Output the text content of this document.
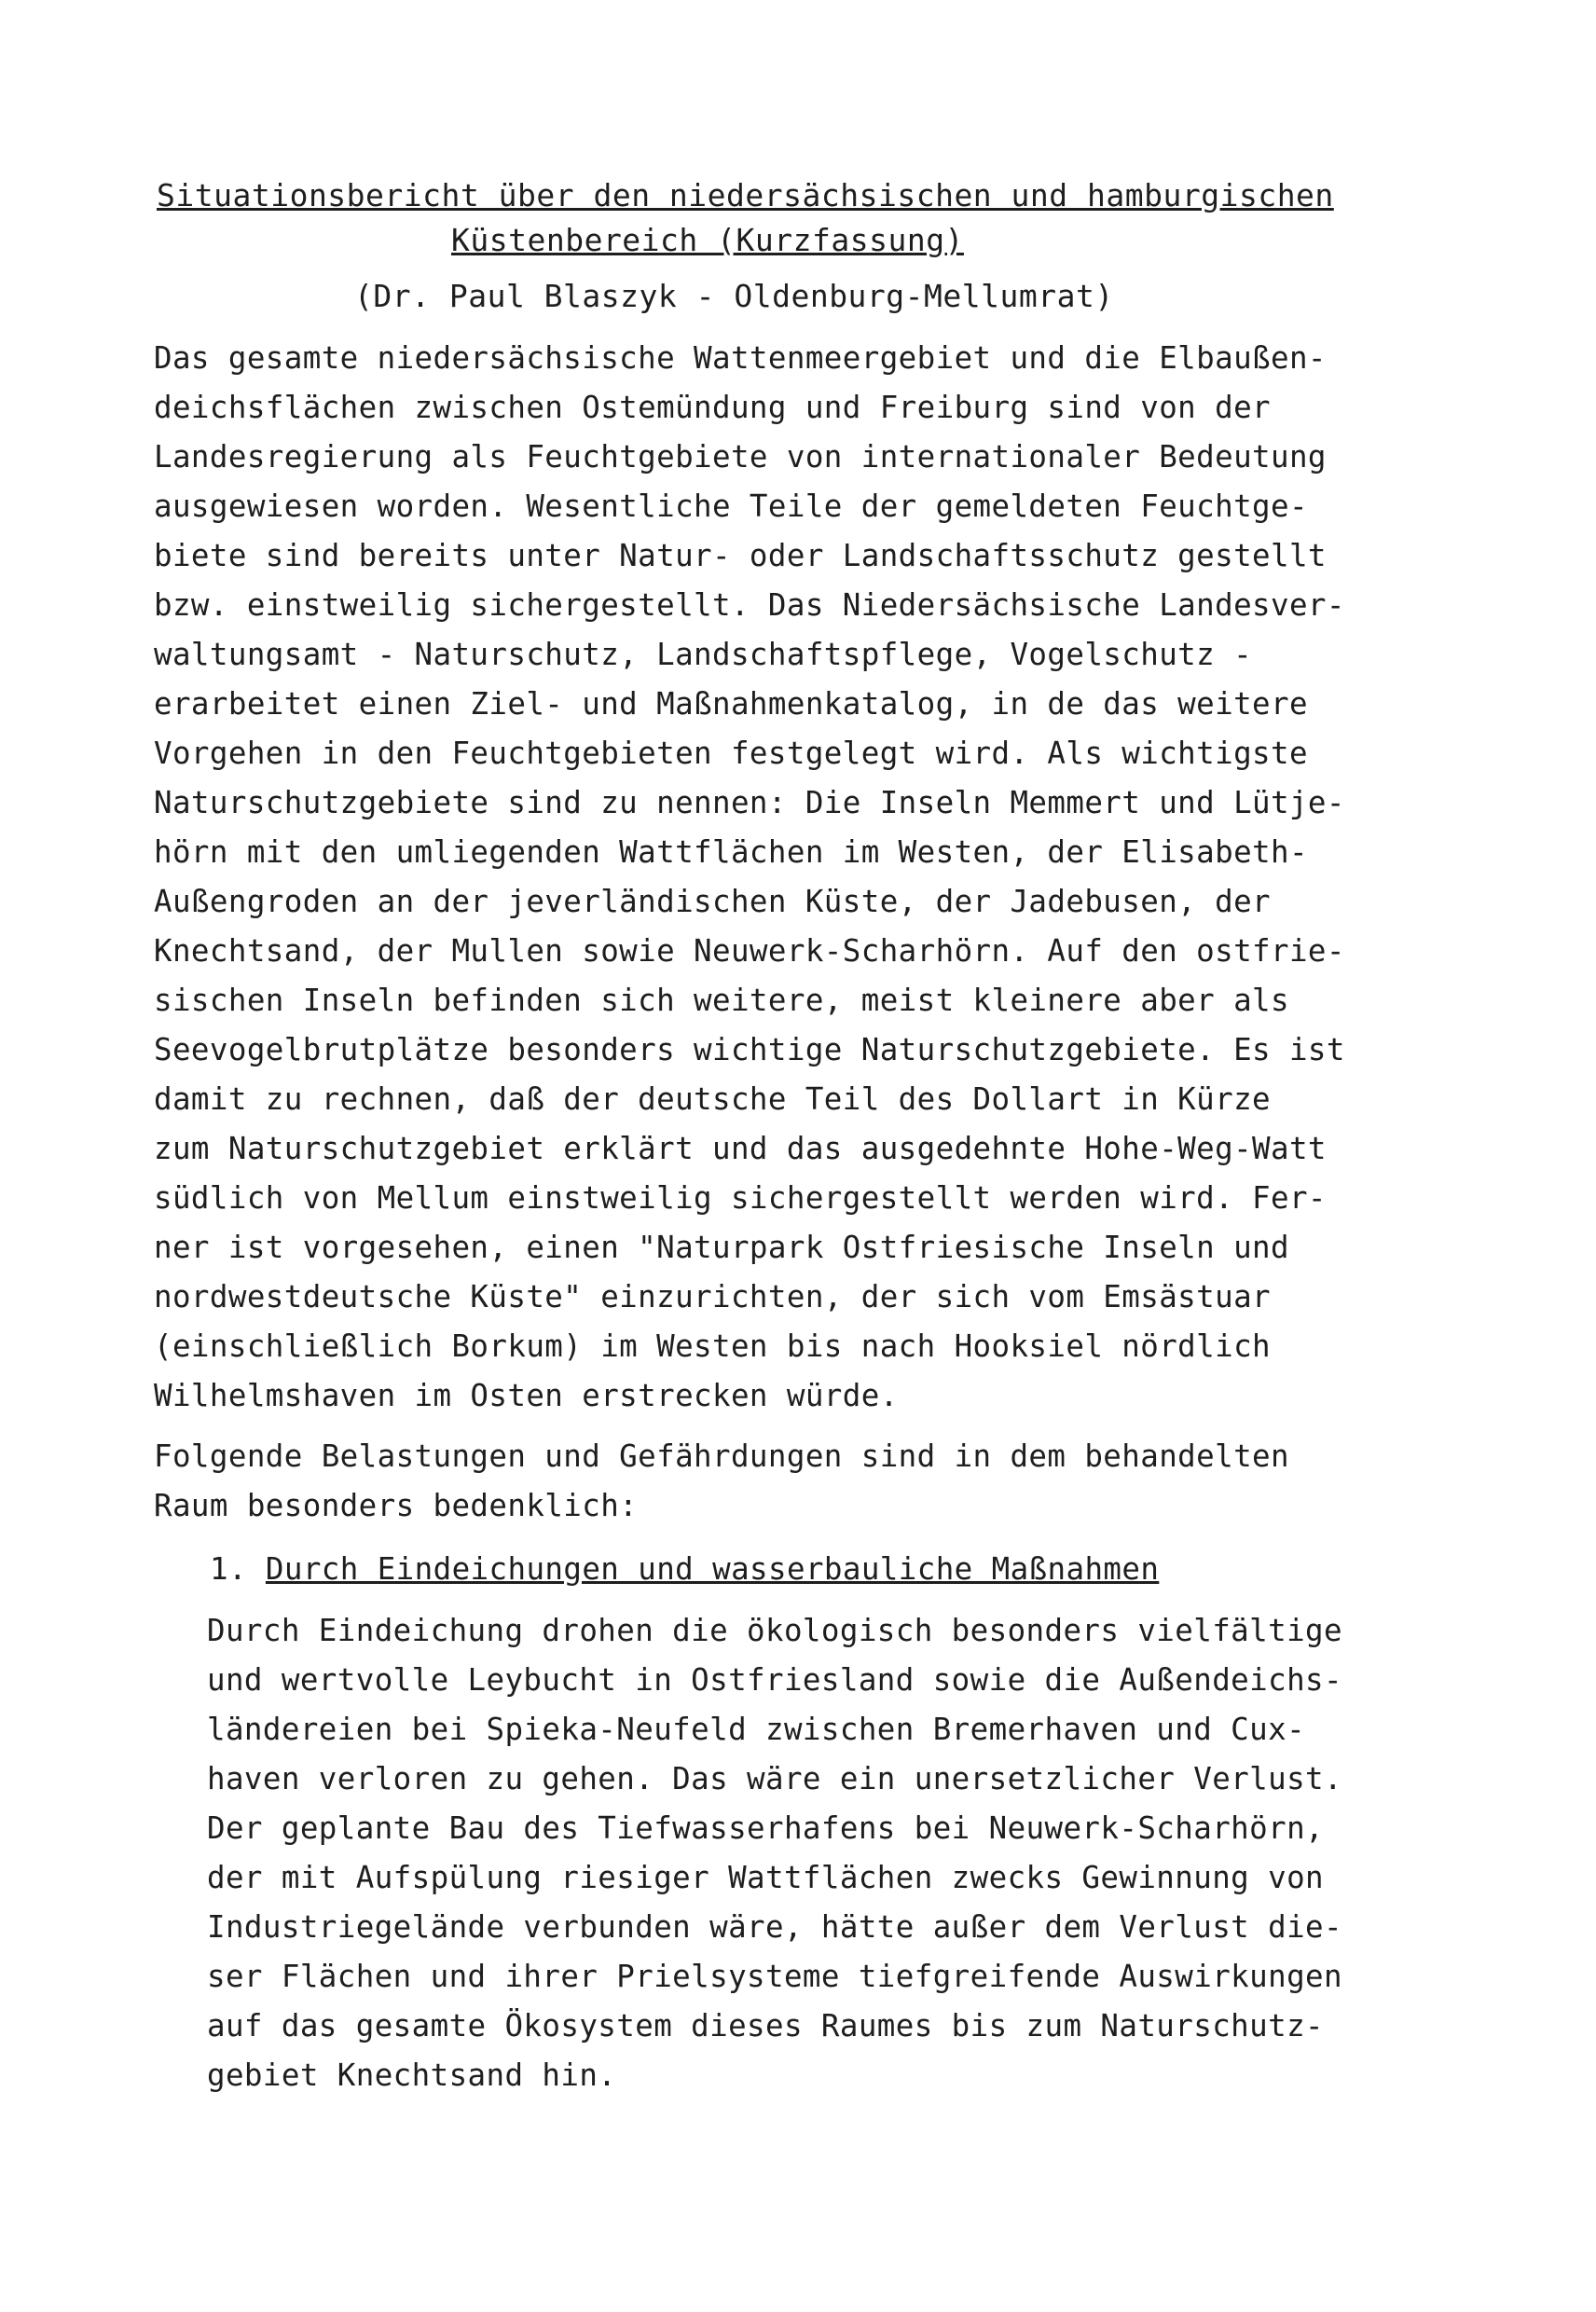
Situationsbericht über den niedersächsischen und hamburgischen
Küstenbereich (Kurzfassung)
(Dr. Paul Blaszyk - Oldenburg-Mellumrat)
Das gesamte niedersächsische Wattenmeergebiet und die Elbaußen-
deichsflächen zwischen Ostemündung und Freiburg sind von der
Landesregierung als Feuchtgebiete von internationaler Bedeutung
ausgewiesen worden. Wesentliche Teile der gemeldeten Feuchtge-
biete sind bereits unter Natur- oder Landschaftsschutz gestellt
bzw. einstweilig sichergestellt. Das Niedersächsische Landesver-
waltungsamt - Naturschutz, Landschaftspflege, Vogelschutz -
erarbeitet einen Ziel- und Maßnahmenkatalog, in de das weitere
Vorgehen in den Feuchtgebieten festgelegt wird. Als wichtigste
Naturschutzgebiete sind zu nennen: Die Inseln Memmert und Lütje-
hörn mit den umliegenden Wattflächen im Westen, der Elisabeth-
Außengroden an der jeverländischen Küste, der Jadebusen, der
Knechtsand, der Mullen sowie Neuwerk-Scharhörn. Auf den ostfrie-
sischen Inseln befinden sich weitere, meist kleinere aber als
Seevogelbrutplätze besonders wichtige Naturschutzgebiete. Es ist
damit zu rechnen, daß der deutsche Teil des Dollart in Kürze
zum Naturschutzgebiet erklärt und das ausgedehnte Hohe-Weg-Watt
südlich von Mellum einstweilig sichergestellt werden wird. Fer-
ner ist vorgesehen, einen "Naturpark Ostfriesische Inseln und
nordwestdeutsche Küste" einzurichten, der sich vom Emsästuar
(einschließlich Borkum) im Westen bis nach Hooksiel nördlich
Wilhelmshaven im Osten erstrecken würde.
Folgende Belastungen und Gefährdungen sind in dem behandelten
Raum besonders bedenklich:
1. Durch Eindeichungen und wasserbauliche Maßnahmen
Durch Eindeichung drohen die ökologisch besonders vielfältige
und wertvolle Leybucht in Ostfriesland sowie die Außendeichs-
ländereien bei Spieka-Neufeld zwischen Bremerhaven und Cux-
haven verloren zu gehen. Das wäre ein unersetzlicher Verlust.
Der geplante Bau des Tiefwasserhafens bei Neuwerk-Scharhörn,
der mit Aufspülung riesiger Wattflächen zwecks Gewinnung von
Industriegelände verbunden wäre, hätte außer dem Verlust die-
ser Flächen und ihrer Prielsysteme tiefgreifende Auswirkungen
auf das gesamte Ökosystem dieses Raumes bis zum Naturschutz-
gebiet Knechtsand hin.
